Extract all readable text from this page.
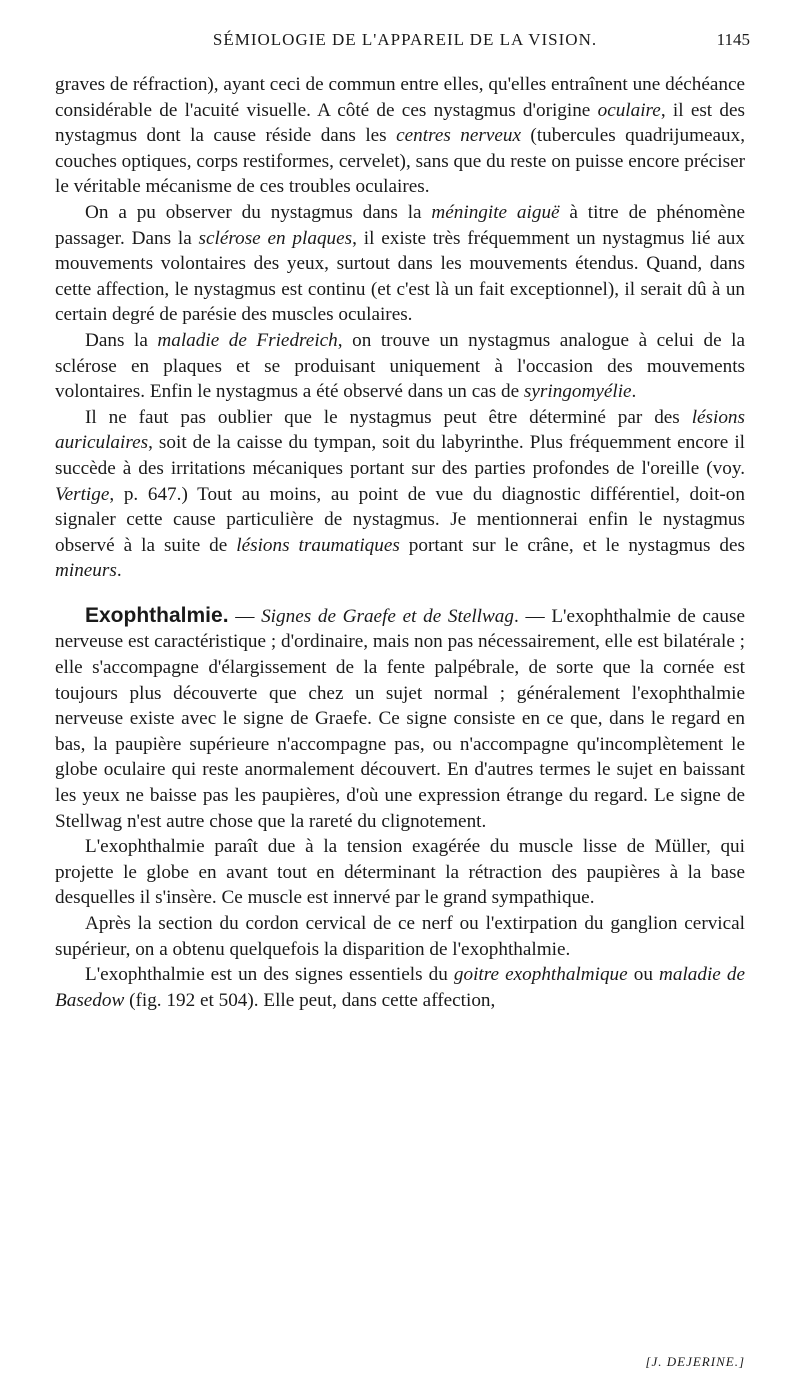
SÉMIOLOGIE DE L'APPAREIL DE LA VISION.	1145

graves de réfraction), ayant ceci de commun entre elles, qu'elles entraînent une déchéance considérable de l'acuité visuelle. A côté de ces nystagmus d'origine oculaire, il est des nystagmus dont la cause réside dans les centres nerveux (tubercules quadrijumeaux, couches optiques, corps restiformes, cervelet), sans que du reste on puisse encore préciser le véritable mécanisme de ces troubles oculaires.

On a pu observer du nystagmus dans la méningite aiguë à titre de phénomène passager. Dans la sclérose en plaques, il existe très fréquemment un nystagmus lié aux mouvements volontaires des yeux, surtout dans les mouvements étendus. Quand, dans cette affection, le nystagmus est continu (et c'est là un fait exceptionnel), il serait dû à un certain degré de parésie des muscles oculaires.

Dans la maladie de Friedreich, on trouve un nystagmus analogue à celui de la sclérose en plaques et se produisant uniquement à l'occasion des mouvements volontaires. Enfin le nystagmus a été observé dans un cas de syringomyélie.

Il ne faut pas oublier que le nystagmus peut être déterminé par des lésions auriculaires, soit de la caisse du tympan, soit du labyrinthe. Plus fréquemment encore il succède à des irritations mécaniques portant sur des parties profondes de l'oreille (voy. Vertige, p. 647.) Tout au moins, au point de vue du diagnostic différentiel, doit-on signaler cette cause particulière de nystagmus. Je mentionnerai enfin le nystagmus observé à la suite de lésions traumatiques portant sur le crâne, et le nystagmus des mineurs.

Exophthalmie. — Signes de Graefe et de Stellwag. — L'exophthalmie de cause nerveuse est caractéristique ; d'ordinaire, mais non pas nécessairement, elle est bilatérale ; elle s'accompagne d'élargissement de la fente palpébrale, de sorte que la cornée est toujours plus découverte que chez un sujet normal ; généralement l'exophthalmie nerveuse existe avec le signe de Graefe. Ce signe consiste en ce que, dans le regard en bas, la paupière supérieure n'accompagne pas, ou n'accompagne qu'incomplètement le globe oculaire qui reste anormalement découvert. En d'autres termes le sujet en baissant les yeux ne baisse pas les paupières, d'où une expression étrange du regard. Le signe de Stellwag n'est autre chose que la rareté du clignotement.

L'exophthalmie paraît due à la tension exagérée du muscle lisse de Müller, qui projette le globe en avant tout en déterminant la rétraction des paupières à la base desquelles il s'insère. Ce muscle est innervé par le grand sympathique.

Après la section du cordon cervical de ce nerf ou l'extirpation du ganglion cervical supérieur, on a obtenu quelquefois la disparition de l'exophthalmie.

L'exophthalmie est un des signes essentiels du goitre exophthalmique ou maladie de Basedow (fig. 192 et 504). Elle peut, dans cette affection,

[J. DEJERINE.]
